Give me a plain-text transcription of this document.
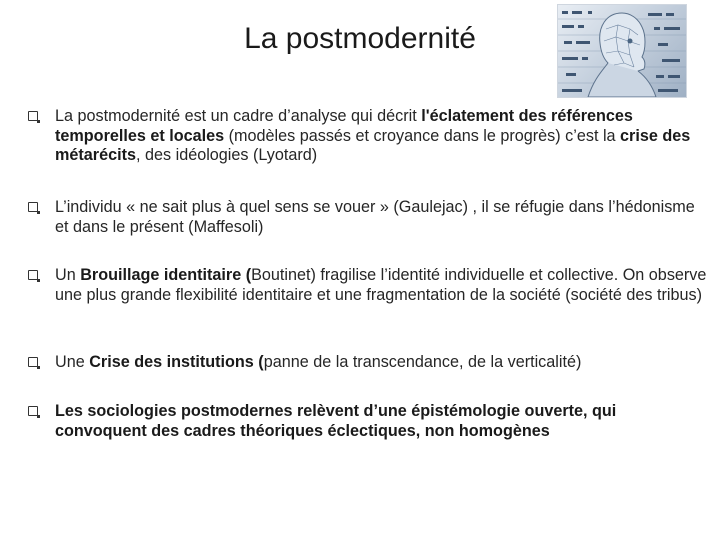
La postmodernité
La postmodernité est un cadre d’analyse qui décrit l'éclatement des références temporelles et locales (modèles passés et croyance dans le progrès) c’est la crise des métarécits, des idéologies (Lyotard)
L’individu « ne sait plus à quel sens se vouer » (Gaulejac) , il se réfugie dans l’hédonisme et dans le présent (Maffesoli)
Un Brouillage identitaire (Boutinet) fragilise l’identité individuelle et collective. On observe une plus grande flexibilité identitaire et une fragmentation de la société (société des tribus)
Une Crise des institutions (panne de la transcendance, de la verticalité)
Les sociologies postmodernes relèvent d’une épistémologie ouverte, qui convoquent des cadres théoriques éclectiques, non homogènes
